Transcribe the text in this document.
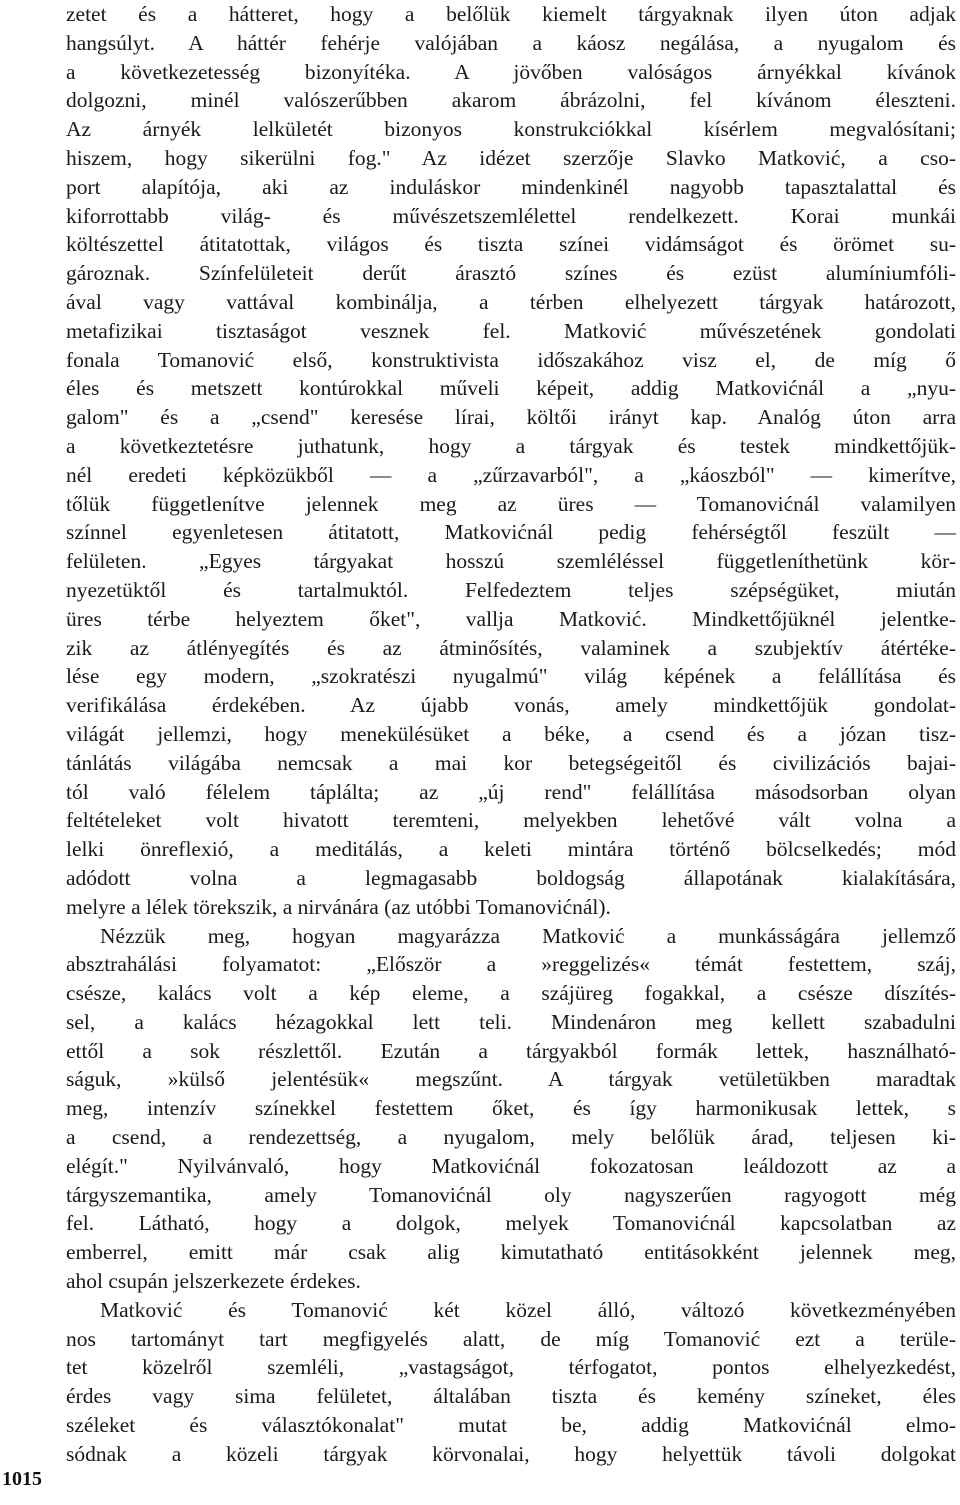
zetet és a hátteret, hogy a belőlük kiemelt tárgyaknak ilyen úton adjak
hangsúlyt. A háttér fehérje valójában a káosz negálása, a nyugalom és
a következetesség bizonyítéka. A jövőben valóságos árnyékkal kívánok
dolgozni, minél valószerűbben akarom ábrázolni, fel kívánom éleszteni.
Az árnyék lelkületét bizonyos konstrukciókkal kísérlem megvalósítani;
hiszem, hogy sikerülni fog." Az idézet szerzője Slavko Matković, a cso-
port alapítója, aki az induláskor mindenkinél nagyobb tapasztalattal és
kiforrottabb világ- és művészetszemlélettel rendelkezett. Korai munkái
költészettel átitatottak, világos és tiszta színei vidámságot és örömet su-
gároznak. Színfelületeit derűt árasztó színes és ezüst alumíniumfóli-
ával vagy vattával kombinálja, a térben elhelyezett tárgyak határozott,
metafizikai tisztaságot vesznek fel. Matković művészetének gondolati
fonala Tomanović első, konstruktivista időszakához visz el, de míg ő
éles és metszett kontúrokkal műveli képeit, addig Matkovićnál a „nyu-
galom" és a „csend" keresése lírai, költői irányt kap. Analóg úton arra
a következtetésre juthatunk, hogy a tárgyak és testek mindkettőjük-
nél eredeti képközükből — a „zűrzavarból", a „káoszból" — kimerítve,
tőlük függetlenítve jelennek meg az üres — Tomanovićnál valamilyen
színnel egyenletesen átitatott, Matkovićnál pedig fehérségtől feszült —
felületen. „Egyes tárgyakat hosszú szemléléssel függetleníthetünk kör-
nyezetüktől és tartalmuktól. Felfedeztem teljes szépségüket, miután
üres térbe helyeztem őket", vallja Matković. Mindkettőjüknél jelentke-
zik az átlényegítés és az átminősítés, valaminek a szubjektív átértéke-
lése egy modern, „szokratészi nyugalmú" világ képének a felállítása és
verifikálása érdekében. Az újabb vonás, amely mindkettőjük gondolat-
világát jellemzi, hogy menekülésüket a béke, a csend és a józan tisz-
tánlátás világába nemcsak a mai kor betegségeitől és civilizációs bajai-
tól való félelem táplálta; az „új rend" felállítása másodsorban olyan
feltételeket volt hivatott teremteni, melyekben lehetővé vált volna a
lelki önreflexió, a meditálás, a keleti mintára történő bölcselkedés; mód
adódott volna a legmagasabb boldogság állapotának kialakítására,
melyre a lélek törekszik, a nirvánára (az utóbbi Tomanovićnál).
Nézzük meg, hogyan magyarázza Matković a munkásságára jellemző
absztrahálási folyamatot: „Először a »reggelizés« témát festettem, száj,
csésze, kalács volt a kép eleme, a szájüreg fogakkal, a csésze díszítés-
sel, a kalács hézagokkal lett teli. Mindenáron meg kellett szabadulni
ettől a sok részlettől. Ezután a tárgyakból formák lettek, használható-
ságuk, »külső jelentésük« megszűnt. A tárgyak vetületükben maradtak
meg, intenzív színekkel festettem őket, és így harmonikusak lettek, s
a csend, a rendezettség, a nyugalom, mely belőlük árad, teljesen ki-
elégít." Nyilvánvaló, hogy Matkovićnál fokozatosan leáldozott az a
tárgyszemantika, amely Tomanovićnál oly nagyszerűen ragyogott még
fel. Látható, hogy a dolgok, melyek Tomanovićnál kapcsolatban az
emberrel, emitt már csak alig kimutatható entitásokként jelennek meg,
ahol csupán jelszerkezete érdekes.
Matković és Tomanović két közel álló, változó következményében
nos tartományt tart megfigyelés alatt, de míg Tomanović ezt a terüle-
tet közelről szemléli, „vastagságot, térfogatot, pontos elhelyezkedést,
érdes vagy sima felületet, általában tiszta és kemény színeket, éles
széleket és választókonalat" mutat be, addig Matkovićnál elmo-
sódnak a közeli tárgyak körvonalai, hogy helyettük távoli dolgokat
1015
